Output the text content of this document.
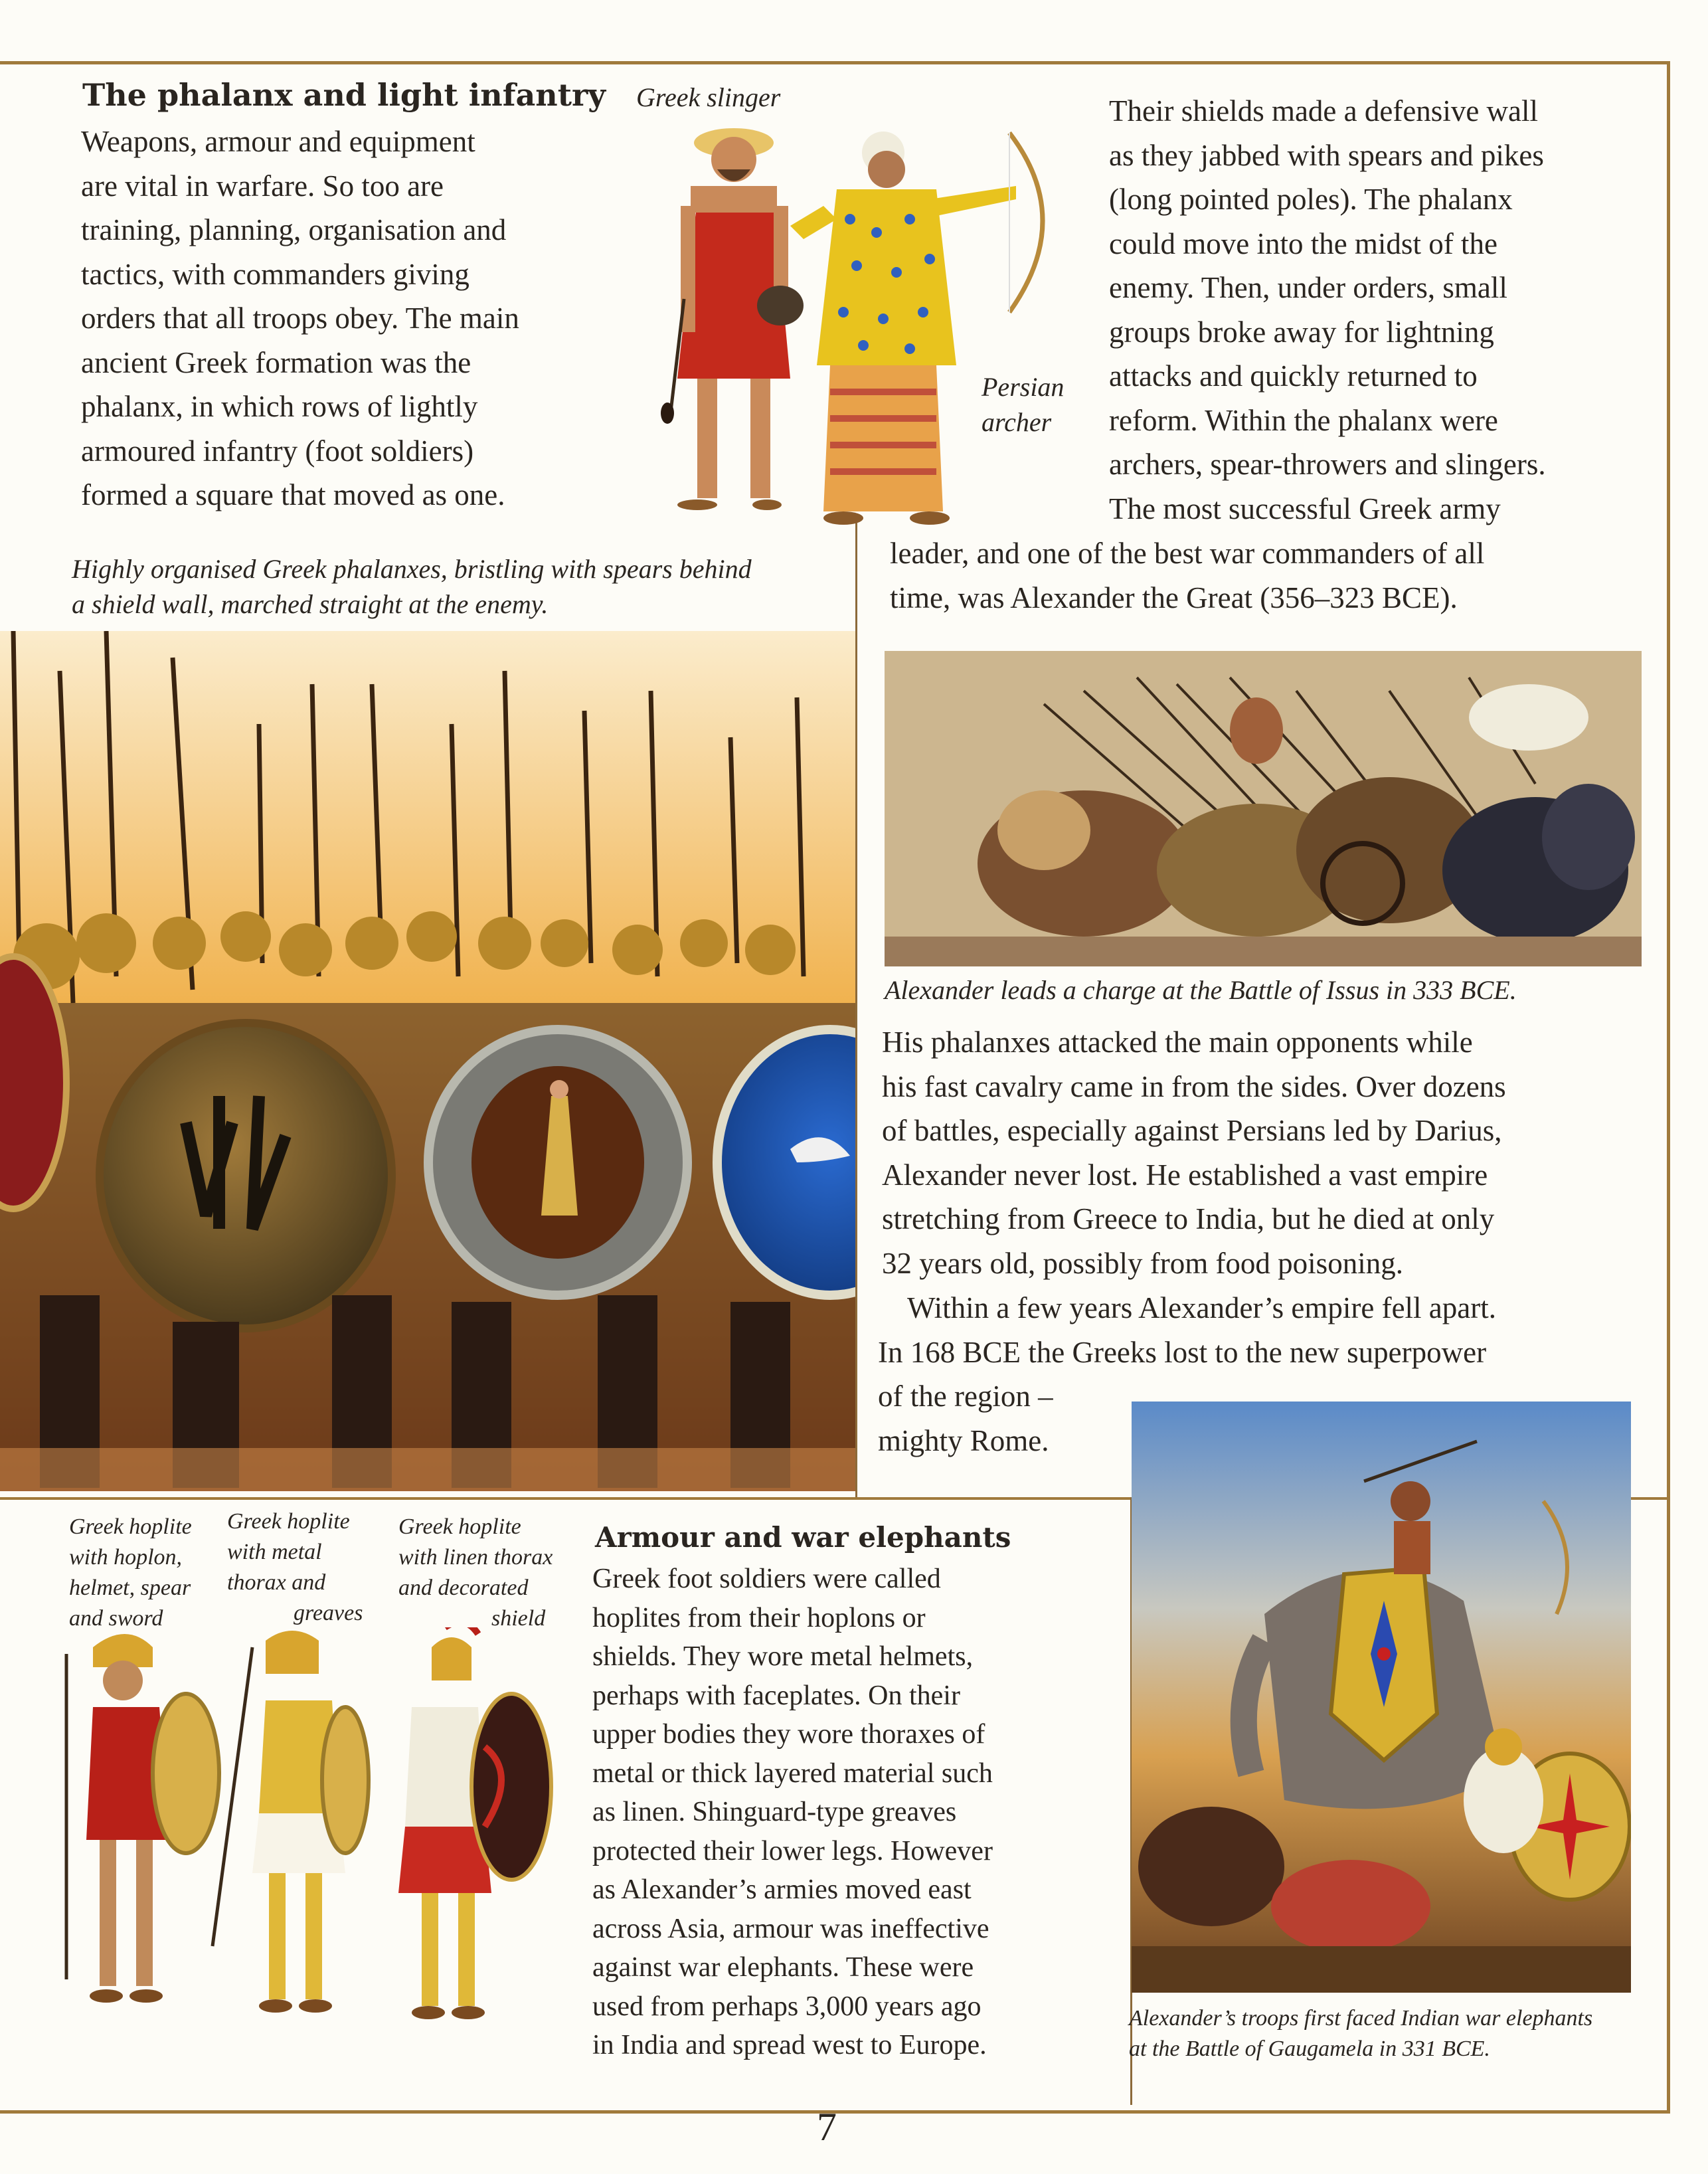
The phalanx and light infantry
Weapons, armour and equipment
are vital in warfare. So too are
training, planning, organisation and
tactics, with commanders giving
orders that all troops obey. The main
ancient Greek formation was the
phalanx, in which rows of lightly
armoured infantry (foot soldiers)
formed a square that moved as one.
Greek slinger
Persian
archer
Their shields made a defensive wall
as they jabbed with spears and pikes
(long pointed poles). The phalanx
could move into the midst of the
enemy. Then, under orders, small
groups broke away for lightning
attacks and quickly returned to
reform. Within the phalanx were
archers, spear-throwers and slingers.
The most successful Greek army
leader, and one of the best war commanders of all
time, was Alexander the Great (356–323 BCE).
Highly organised Greek phalanxes, bristling with spears behind
a shield wall, marched straight at the enemy.
Alexander leads a charge at the Battle of Issus in 333 BCE.
His phalanxes attacked the main opponents while
his fast cavalry came in from the sides. Over dozens
of battles, especially against Persians led by Darius,
Alexander never lost. He established a vast empire
stretching from Greece to India, but he died at only
32 years old, possibly from food poisoning.
Within a few years Alexander’s empire fell apart.
In 168 BCE the Greeks lost to the new superpower
of the region –
mighty Rome.
Greek hoplite
with hoplon,
helmet, spear
and sword
Greek hoplite
with metal
thorax and
greaves
Greek hoplite
with linen thorax
and decorated
shield
Armour and war elephants
Greek foot soldiers were called
hoplites from their hoplons or
shields. They wore metal helmets,
perhaps with faceplates. On their
upper bodies they wore thoraxes of
metal or thick layered material such
as linen. Shinguard-type greaves
protected their lower legs. However
as Alexander’s armies moved east
across Asia, armour was ineffective
against war elephants. These were
used from perhaps 3,000 years ago
in India and spread west to Europe.
Alexander’s troops first faced Indian war elephants
at the Battle of Gaugamela in 331 BCE.
7
